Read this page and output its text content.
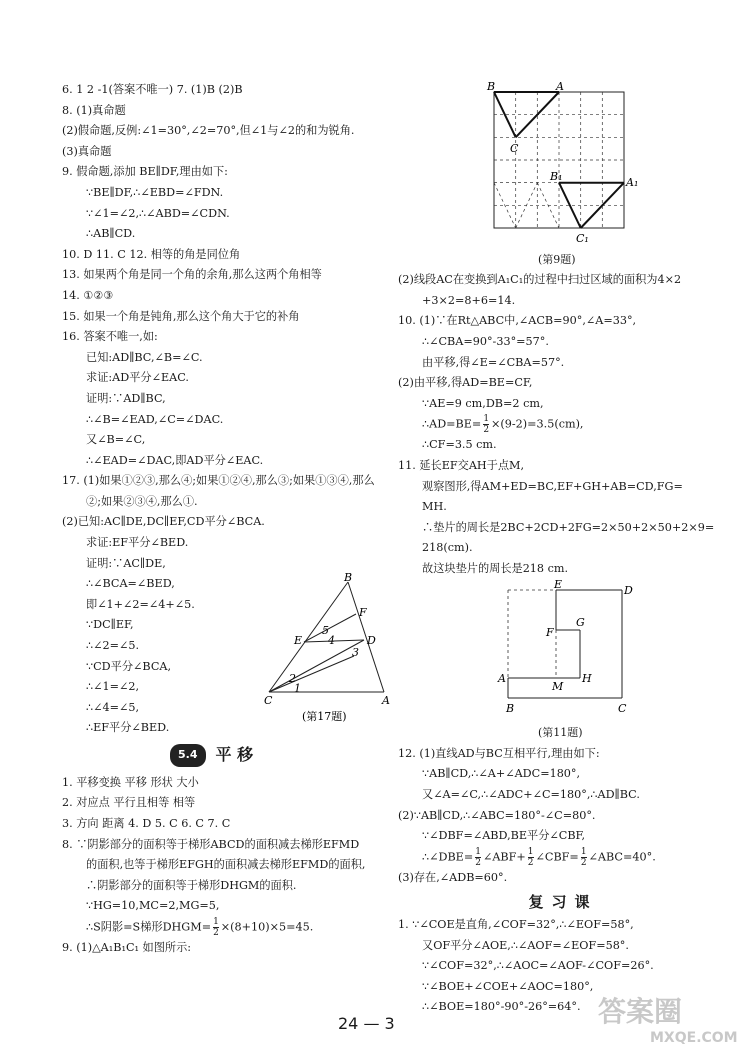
6. 1 2 -1(答案不唯一) 7. (1)B (2)B
8. (1)真命题
(2)假命题,反例:∠1=30°,∠2=70°,但∠1与∠2的和为锐角.
(3)真命题
9. 假命题,添加 BE∥DF,理由如下:
∵BE∥DF,∴∠EBD=∠FDN.
∵∠1=∠2,∴∠ABD=∠CDN.
∴AB∥CD.
10. D 11. C 12. 相等的角是同位角
13. 如果两个角是同一个角的余角,那么这两个角相等
14. ①②③
15. 如果一个角是钝角,那么这个角大于它的补角
16. 答案不唯一,如:
已知:AD∥BC,∠B=∠C.
求证:AD平分∠EAC.
证明:∵AD∥BC,
∴∠B=∠EAD,∠C=∠DAC.
又∠B=∠C,
∴∠EAD=∠DAC,即AD平分∠EAC.
17. (1)如果①②③,那么④;如果①②④,那么③;如果①③④,那么
②;如果②③④,那么①.
(2)已知:AC∥DE,DC∥EF,CD平分∠BCA.
求证:EF平分∠BED.
证明:∵AC∥DE,
∴∠BCA=∠BED,
即∠1+∠2=∠4+∠5.
∵DC∥EF,
∴∠2=∠5.
∵CD平分∠BCA,
∴∠1=∠2,
∴∠4=∠5,
∴EF平分∠BED.
B
F
E	D
C	A
5
4
3
2
1
(第17题)
5.4 平 移
1. 平移变换 平移 形状 大小
2. 对应点 平行且相等 相等
3. 方向 距离 4. D 5. C 6. C 7. C
8. ∵阴影部分的面积等于梯形ABCD的面积减去梯形EFMD
的面积,也等于梯形EFGH的面积减去梯形EFMD的面积,
∴阴影部分的面积等于梯形DHGM的面积.
∵HG=10,MC=2,MG=5,
∴S阴影=S梯形DHGM= $\frac{1}{2} \times(8+10)\times 5=45$.
9. (1)△A₁B₁C₁ 如图所示:
B	A
C
B₁	A₁
C₁
(第9题)
(2)线段AC在变换到A₁C₁的过程中扫过区域的面积为4×2
+3×2=8+6=14.
10. (1)∵在Rt△ABC中,∠ACB=90°,∠A=33°,
∴∠CBA=90°-33°=57°.
由平移,得∠E=∠CBA=57°.
(2)由平移,得AD=BE=CF,
∵AE=9 cm,DB=2 cm,
∴AD=BE= $\frac{1}{2} \times(9-2)=3.5(cm)$,
∴CF=3.5 cm.
11. 延长EF交AH于点M,
观察图形,得AM+ED=BC,EF+GH+AB=CD,FG=
MH.
∴垫片的周长是2BC+2CD+2FG=2×50+2×50+2×9=
218(cm).
故这块垫片的周长是218 cm.
E	D
F
G
A
M
H
B	C
(第11题)
12. (1)直线AD与BC互相平行,理由如下:
∵AB∥CD,∴∠A+∠ADC=180°,
又∠A=∠C,∴∠ADC+∠C=180°,∴AD∥BC.
(2)∵AB∥CD,∴∠ABC=180°-∠C=80°.
∵∠DBF=∠ABD,BE平分∠CBF,
∴∠DBE= $\frac{1}{2}$ ∠ABF+ $\frac{1}{2}$ ∠CBF= $\frac{1}{2}$ ∠ABC=40°.
(3)存在,∠ADB=60°.
复习课
1. ∵∠COE是直角,∠COF=32°,∴∠EOF=58°,
又OF平分∠AOE,∴∠AOF=∠EOF=58°.
∵∠COF=32°,∴∠AOC=∠AOF-∠COF=26°.
∵∠BOE+∠COE+∠AOC=180°,
∴∠BOE=180°-90°-26°=64°.
24 — 3	答案圈
MXQE.COM
